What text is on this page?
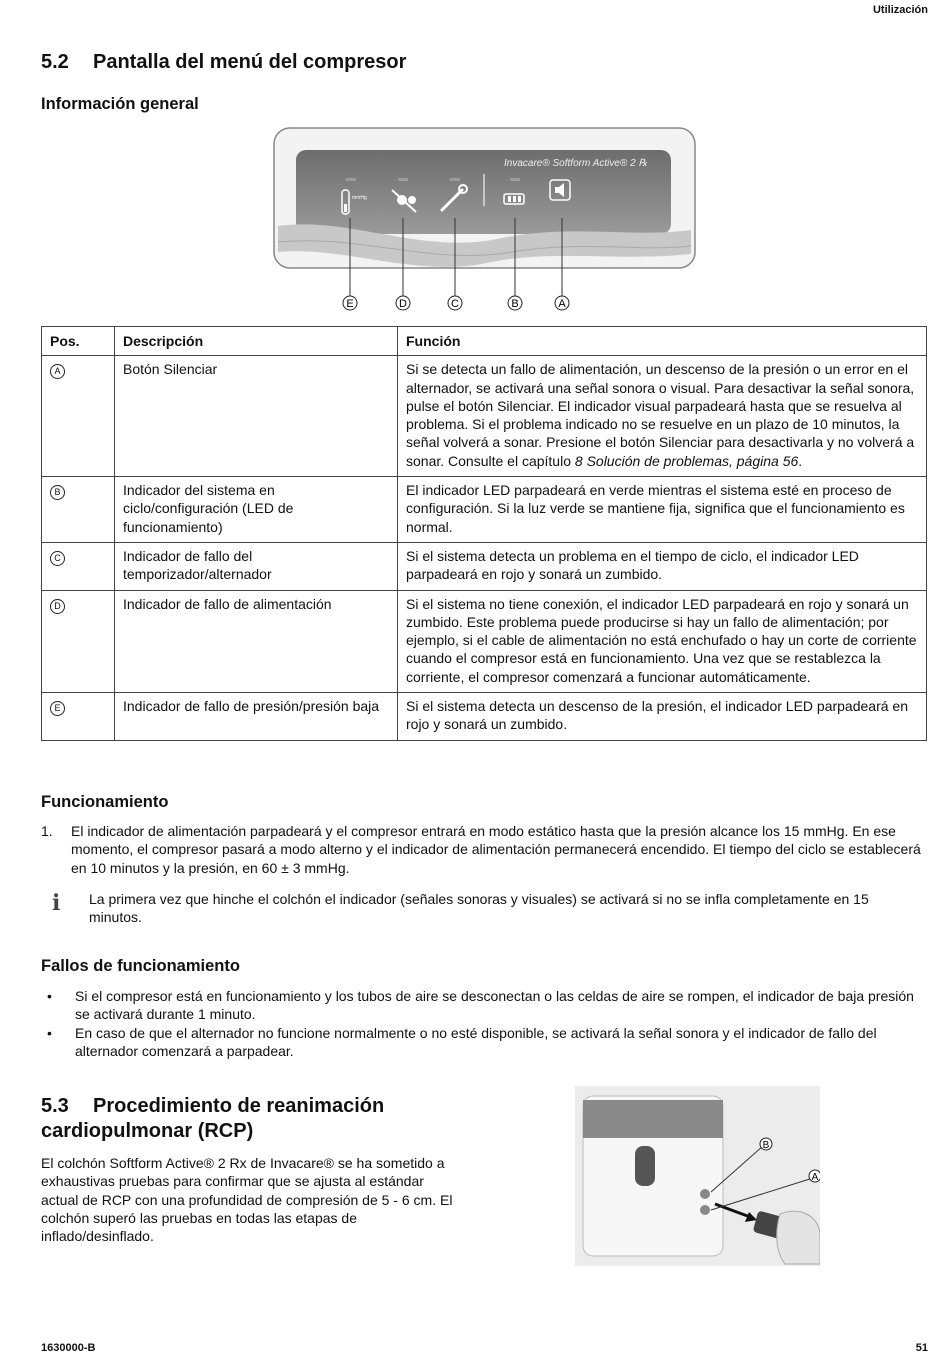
Utilización
5.2 Pantalla del menú del compresor
Información general
Invacare® Softform Active® 2 ℞
mmHg
E	D	C	B	A
Pos.	Descripción	Función
A	Botón Silenciar	Si se detecta un fallo de alimentación, un descenso de la presión o un error en el alternador, se activará una señal sonora o visual. Para desactivar la señal sonora, pulse el botón Silenciar. El indicador visual parpadeará hasta que se resuelva al problema. Si el problema indicado no se resuelve en un plazo de 10 minutos, la señal volverá a sonar. Presione el botón Silenciar para desactivarla y no volverá a sonar. Consulte el capítulo 8 Solución de problemas, página 56.
B	Indicador del sistema en ciclo/configuración (LED de funcionamiento)	El indicador LED parpadeará en verde mientras el sistema esté en proceso de configuración. Si la luz verde se mantiene fija, significa que el funcionamiento es normal.
C	Indicador de fallo del temporizador/alternador	Si el sistema detecta un problema en el tiempo de ciclo, el indicador LED parpadeará en rojo y sonará un zumbido.
D	Indicador de fallo de alimentación	Si el sistema no tiene conexión, el indicador LED parpadeará en rojo y sonará un zumbido. Este problema puede producirse si hay un fallo de alimentación; por ejemplo, si el cable de alimentación no está enchufado o hay un corte de corriente cuando el compresor está en funcionamiento. Una vez que se restablezca la corriente, el compresor comenzará a funcionar automáticamente.
E	Indicador de fallo de presión/presión baja	Si el sistema detecta un descenso de la presión, el indicador LED parpadeará en rojo y sonará un zumbido.
Funcionamiento
1.	El indicador de alimentación parpadeará y el compresor entrará en modo estático hasta que la presión alcance los 15 mmHg. En ese momento, el compresor pasará a modo alterno y el indicador de alimentación permanecerá encendido. El tiempo del ciclo se establecerá en 10 minutos y la presión, en 60 ± 3 mmHg.
ℹ La primera vez que hinche el colchón el indicador (señales sonoras y visuales) se activará si no se infla completamente en 15 minutos.
Fallos de funcionamiento
• Si el compresor está en funcionamiento y los tubos de aire se desconectan o las celdas de aire se rompen, el indicador de baja presión se activará durante 1 minuto.
• En caso de que el alternador no funcione normalmente o no esté disponible, se activará la señal sonora y el indicador de fallo del alternador comenzará a parpadear.
5.3 Procedimiento de reanimación
cardiopulmonar (RCP)
El colchón Softform Active® 2 Rx de Invacare® se ha sometido a exhaustivas pruebas para confirmar que se ajusta al estándar actual de RCP con una profundidad de compresión de 5 - 6 cm. El colchón superó las pruebas en todas las etapas de inflado/desinflado.
B
A
1630000-B	51
